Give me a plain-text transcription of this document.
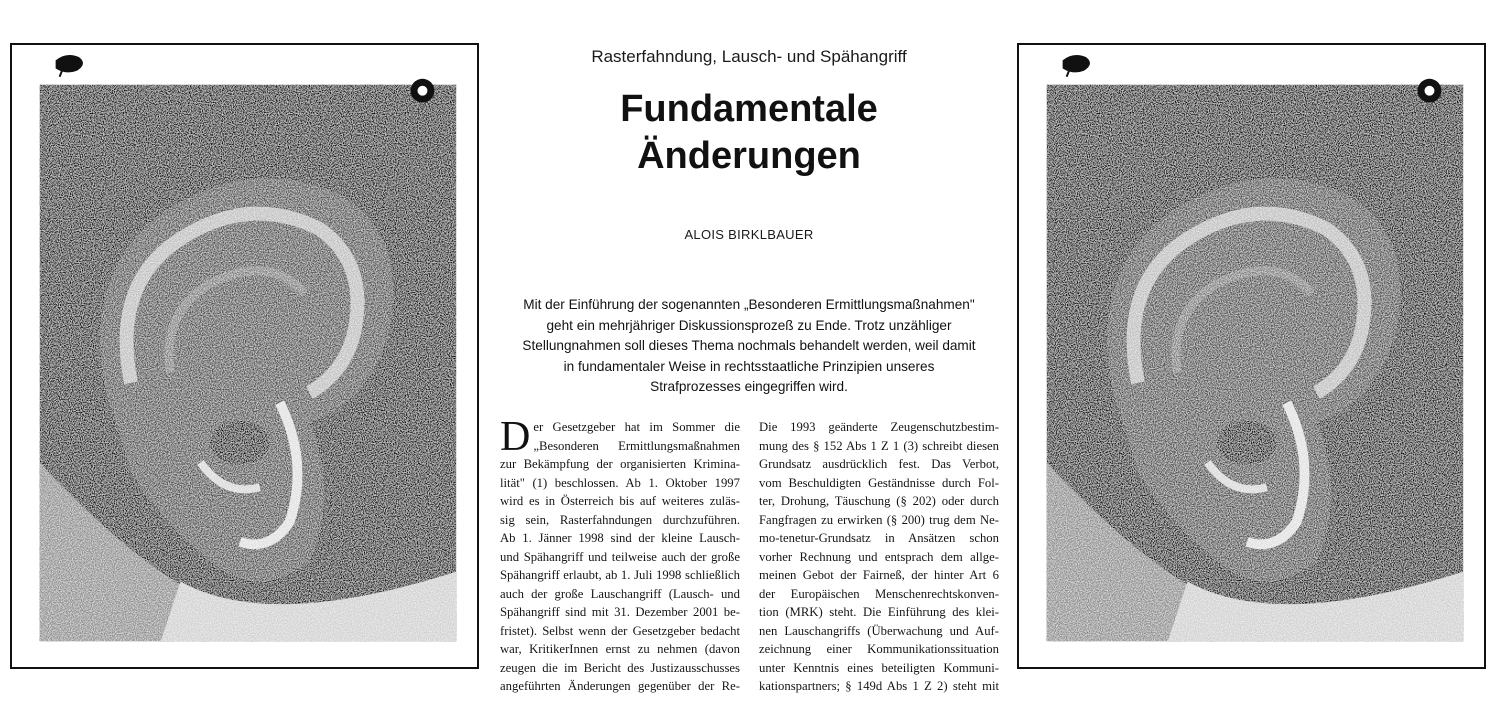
Rasterfahndung, Lausch- und Spähangriff
Fundamentale
Änderungen
ALOIS BIRKLBAUER
Mit der Einführung der sogenannten „Besonderen Ermittlungsmaßnahmen"
geht ein mehrjähriger Diskussionsprozeß zu Ende. Trotz unzähliger
Stellungnahmen soll dieses Thema nochmals behandelt werden, weil damit
in fundamentaler Weise in rechtsstaatliche Prinzipien unseres
Strafprozesses eingegriffen wird.
D er Gesetzgeber hat im Sommer die
„Besonderen Ermittlungsmaßnahmen
zur Bekämpfung der organisierten Krimina-
lität" (1) beschlossen. Ab 1. Oktober 1997
wird es in Österreich bis auf weiteres zuläs-
sig sein, Rasterfahndungen durchzuführen.
Ab 1. Jänner 1998 sind der kleine Lausch-
und Spähangriff und teilweise auch der große
Spähangriff erlaubt, ab 1. Juli 1998 schließlich
auch der große Lauschangriff (Lausch- und
Spähangriff sind mit 31. Dezember 2001 be-
fristet). Selbst wenn der Gesetzgeber bedacht
war, KritikerInnen ernst zu nehmen (davon
zeugen die im Bericht des Justizausschusses
angeführten Änderungen gegenüber der Re-
Die 1993 geänderte Zeugenschutzbestim-
mung des § 152 Abs 1 Z 1 (3) schreibt diesen
Grundsatz ausdrücklich fest. Das Verbot,
vom Beschuldigten Geständnisse durch Fol-
ter, Drohung, Täuschung (§ 202) oder durch
Fangfragen zu erwirken (§ 200) trug dem Ne-
mo-tenetur-Grundsatz in Ansätzen schon
vorher Rechnung und entsprach dem allge-
meinen Gebot der Fairneß, der hinter Art 6
der Europäischen Menschenrechtskonven-
tion (MRK) steht. Die Einführung des klei-
nen Lauschangriffs (Überwachung und Auf-
zeichnung einer Kommunikationssituation
unter Kenntnis eines beteiligten Kommuni-
kationspartners; § 149d Abs 1 Z 2) steht mit
